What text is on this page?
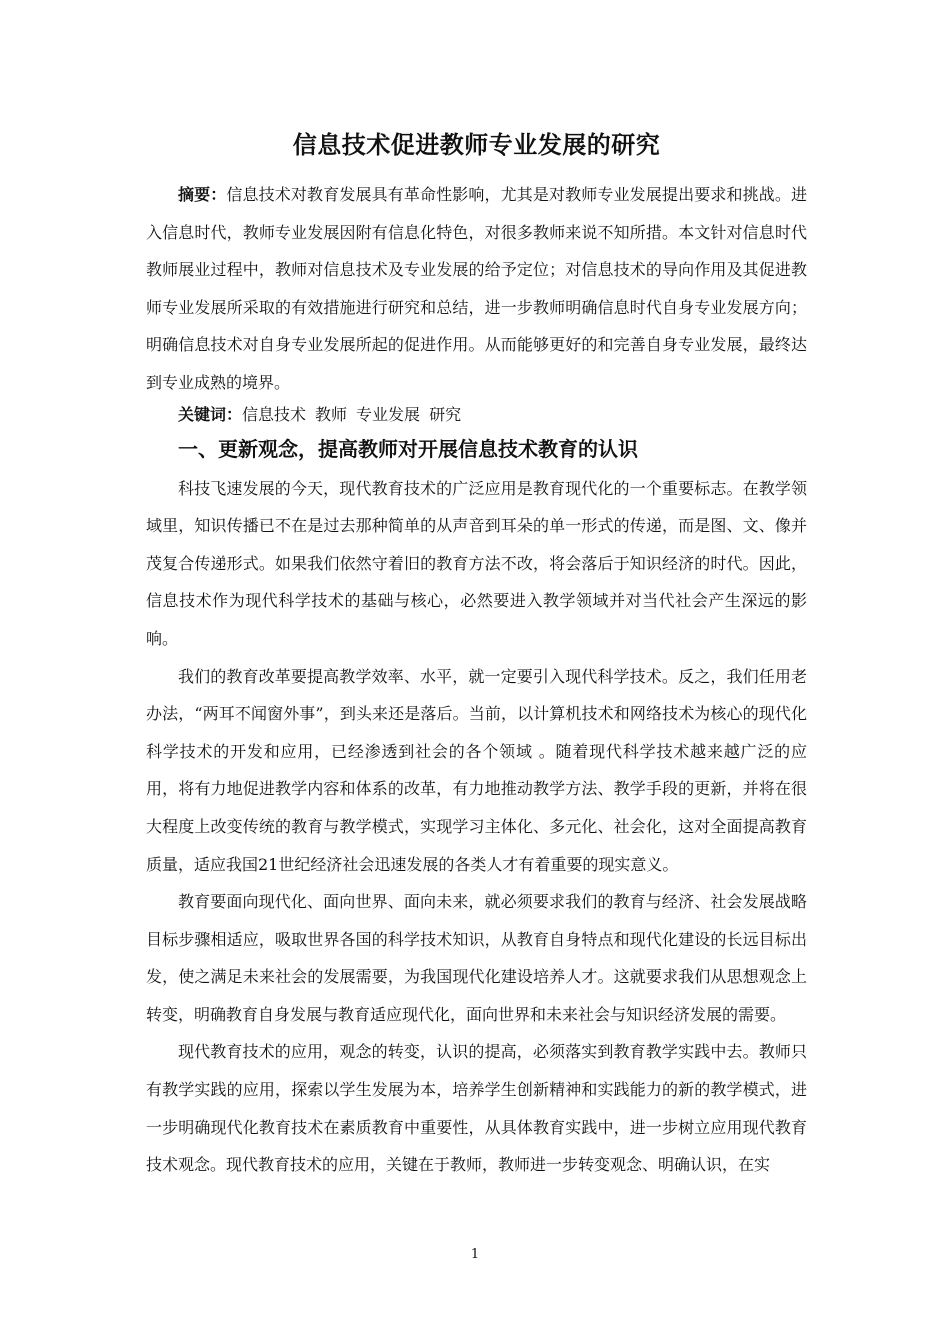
信息技术促进教师专业发展的研究

摘要：信息技术对教育发展具有革命性影响，尤其是对教师专业发展提出要求和挑战。进入信息时代，教师专业发展因附有信息化特色，对很多教师来说不知所措。本文针对信息时代教师展业过程中，教师对信息技术及专业发展的给予定位；对信息技术的导向作用及其促进教师专业发展所采取的有效措施进行研究和总结，进一步教师明确信息时代自身专业发展方向；明确信息技术对自身专业发展所起的促进作用。从而能够更好的和完善自身专业发展，最终达到专业成熟的境界。

关键词：信息技术 教师 专业发展 研究

一、更新观念，提高教师对开展信息技术教育的认识

科技飞速发展的今天，现代教育技术的广泛应用是教育现代化的一个重要标志。在教学领域里，知识传播已不在是过去那种简单的从声音到耳朵的单一形式的传递，而是图、文、像并茂复合传递形式。如果我们依然守着旧的教育方法不改，将会落后于知识经济的时代。因此，信息技术作为现代科学技术的基础与核心，必然要进入教学领域并对当代社会产生深远的影响。

我们的教育改革要提高教学效率、水平，就一定要引入现代科学技术。反之，我们任用老办法，“两耳不闻窗外事”，到头来还是落后。当前，以计算机技术和网络技术为核心的现代化科学技术的开发和应用，已经渗透到社会的各个领域 。随着现代科学技术越来越广泛的应用，将有力地促进教学内容和体系的改革，有力地推动教学方法、教学手段的更新，并将在很大程度上改变传统的教育与教学模式，实现学习主体化、多元化、社会化，这对全面提高教育质量，适应我国21世纪经济社会迅速发展的各类人才有着重要的现实意义。

教育要面向现代化、面向世界、面向未来，就必须要求我们的教育与经济、社会发展战略目标步骤相适应，吸取世界各国的科学技术知识，从教育自身特点和现代化建设的长远目标出发，使之满足未来社会的发展需要，为我国现代化建设培养人才。这就要求我们从思想观念上转变，明确教育自身发展与教育适应现代化，面向世界和未来社会与知识经济发展的需要。

现代教育技术的应用，观念的转变，认识的提高，必须落实到教育教学实践中去。教师只有教学实践的应用，探索以学生发展为本，培养学生创新精神和实践能力的新的教学模式，进一步明确现代化教育技术在素质教育中重要性，从具体教育实践中，进一步树立应用现代教育技术观念。现代教育技术的应用，关键在于教师，教师进一步转变观念、明确认识，在实

1
